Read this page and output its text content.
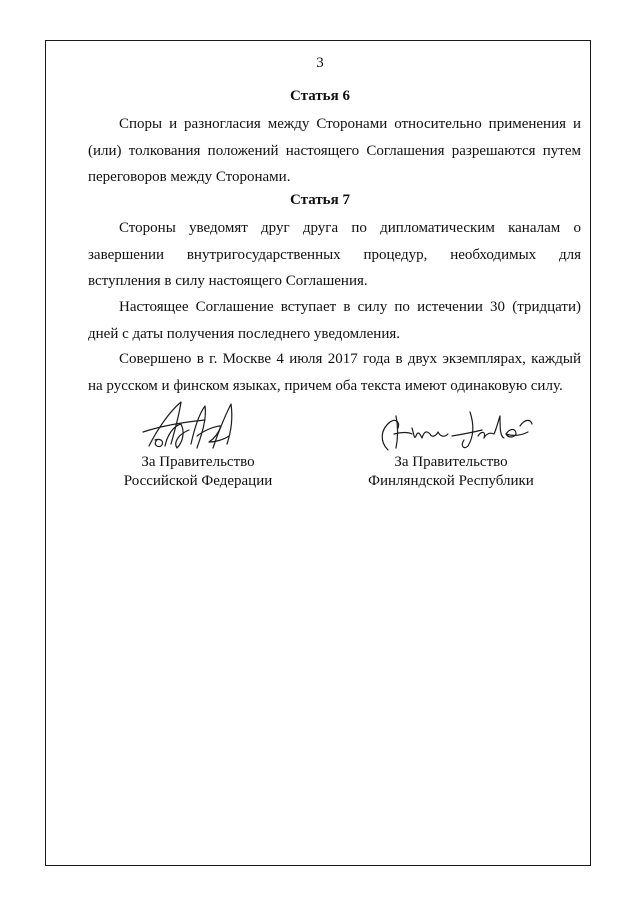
3
Статья 6

Споры и разногласия между Сторонами относительно применения и (или) толкования положений настоящего Соглашения разрешаются путем переговоров между Сторонами.

Статья 7

Стороны уведомят друг друга по дипломатическим каналам о завершении внутригосударственных процедур, необходимых для вступления в силу настоящего Соглашения.

Настоящее Соглашение вступает в силу по истечении 30 (тридцати) дней с даты получения последнего уведомления.

Совершено в г. Москве 4 июля 2017 года в двух экземплярах, каждый на русском и финском языках, причем оба текста имеют одинаковую силу.

За Правительство
Российской Федерации
За Правительство
Финляндской Республики
